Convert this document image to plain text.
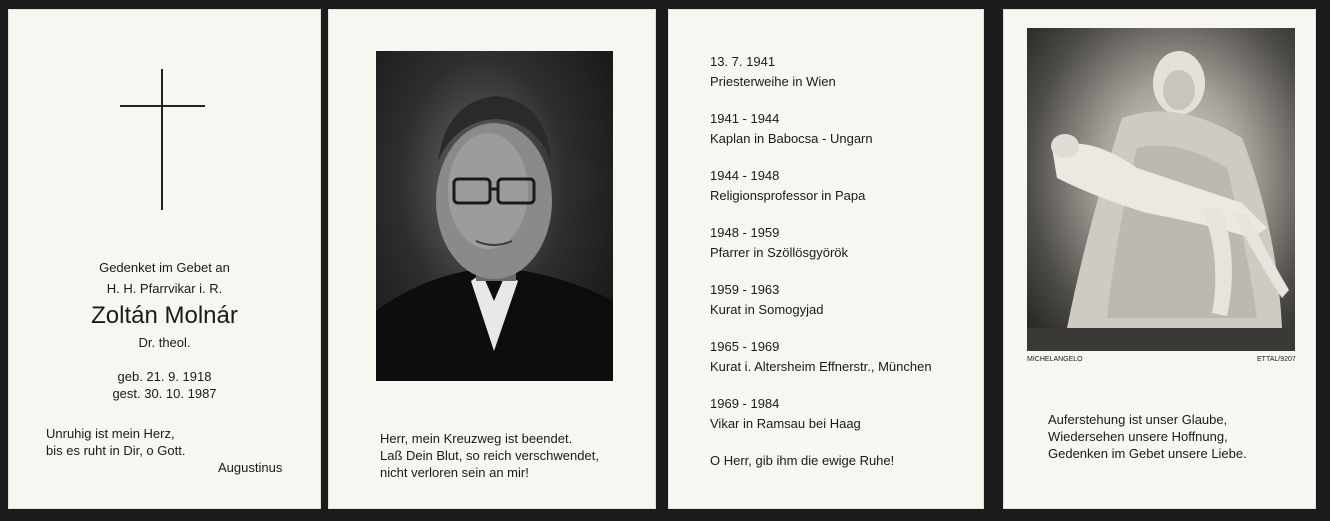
Gedenket im Gebet an
H. H. Pfarrvikar i. R.
Zoltán Molnár
Dr. theol.
geb. 21. 9. 1918
gest. 30. 10. 1987
Unruhig ist mein Herz,
bis es ruht in Dir, o Gott.
Augustinus
Herr, mein Kreuzweg ist beendet.
Laß Dein Blut, so reich verschwendet,
nicht verloren sein an mir!
13. 7. 1941
Priesterweihe in Wien
1941 - 1944
Kaplan in Babocsa - Ungarn
1944 - 1948
Religionsprofessor in Papa
1948 - 1959
Pfarrer in Szöllösgyörök
1959 - 1963
Kurat in Somogyjad
1965 - 1969
Kurat i. Altersheim Effnerstr., München
1969 - 1984
Vikar in Ramsau bei Haag
O Herr, gib ihm die ewige Ruhe!
MICHELANGELO	ETTAL/9207
Auferstehung ist unser Glaube,
Wiedersehen unsere Hoffnung,
Gedenken im Gebet unsere Liebe.
